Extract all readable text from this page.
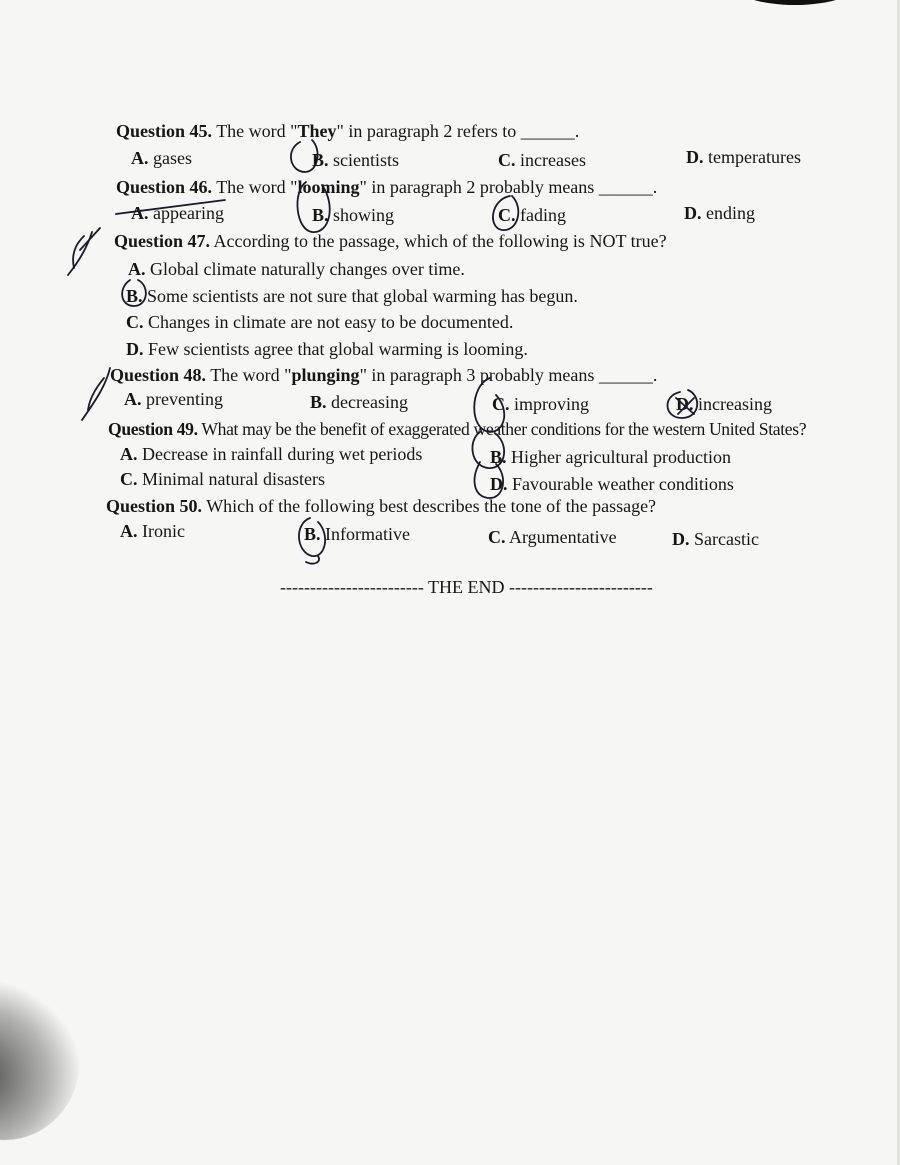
Question 45. The word "They" in paragraph 2 refers to ______.
A. gases	B. scientists	C. increases	D. temperatures
Question 46. The word "looming" in paragraph 2 probably means ______.
A. appearing	B. showing	C. fading	D. ending
Question 47. According to the passage, which of the following is NOT true?
A. Global climate naturally changes over time.
B. Some scientists are not sure that global warming has begun.
C. Changes in climate are not easy to be documented.
D. Few scientists agree that global warming is looming.
Question 48. The word "plunging" in paragraph 3 probably means ______.
A. preventing	B. decreasing	C. improving	D. increasing
Question 49. What may be the benefit of exaggerated weather conditions for the western United States?
A. Decrease in rainfall during wet periods	B. Higher agricultural production
C. Minimal natural disasters	D. Favourable weather conditions
Question 50. Which of the following best describes the tone of the passage?
A. Ironic	B. Informative	C. Argumentative	D. Sarcastic
------------------------ THE END ------------------------
